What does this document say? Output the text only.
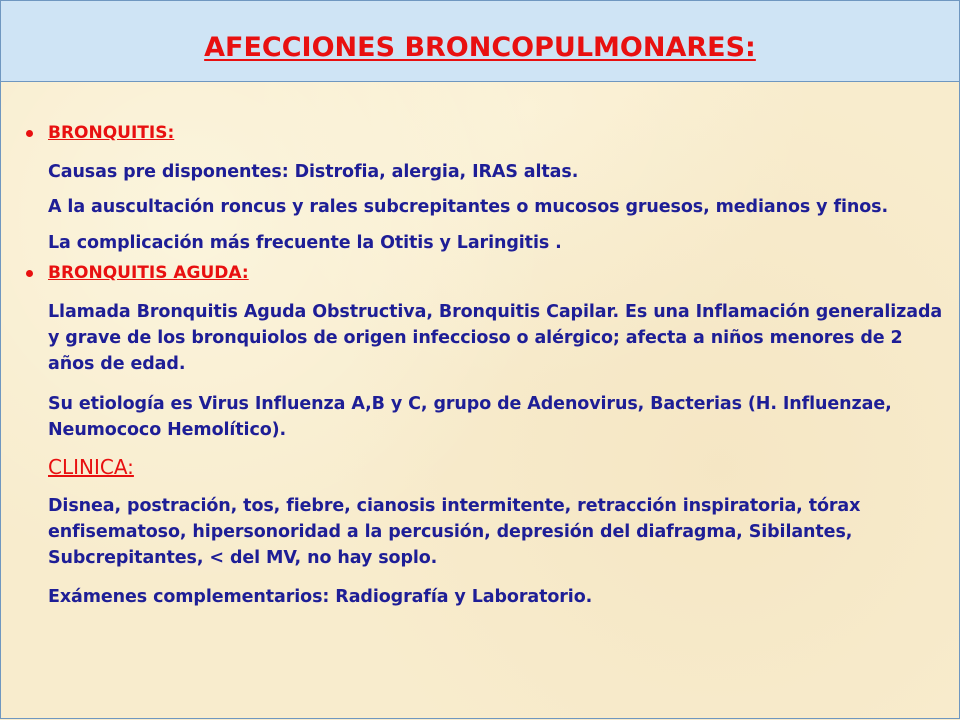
AFECCIONES BRONCOPULMONARES:
BRONQUITIS:
Causas pre disponentes: Distrofia, alergia, IRAS altas.
A la auscultación roncus y rales subcrepitantes o mucosos gruesos, medianos y finos.
La complicación más frecuente la Otitis y Laringitis .
BRONQUITIS AGUDA:
Llamada Bronquitis Aguda Obstructiva, Bronquitis Capilar. Es una Inflamación generalizada y grave de los bronquiolos de origen infeccioso o alérgico; afecta a niños menores de 2 años de edad.
Su etiología es Virus Influenza A,B y C, grupo de Adenovirus, Bacterias (H. Influenzae, Neumococo Hemolítico).
CLINICA:
Disnea, postración, tos, fiebre, cianosis intermitente, retracción inspiratoria, tórax enfisematoso, hipersonoridad a la percusión, depresión del diafragma, Sibilantes, Subcrepitantes, < del MV, no hay soplo.
Exámenes complementarios: Radiografía y Laboratorio.
